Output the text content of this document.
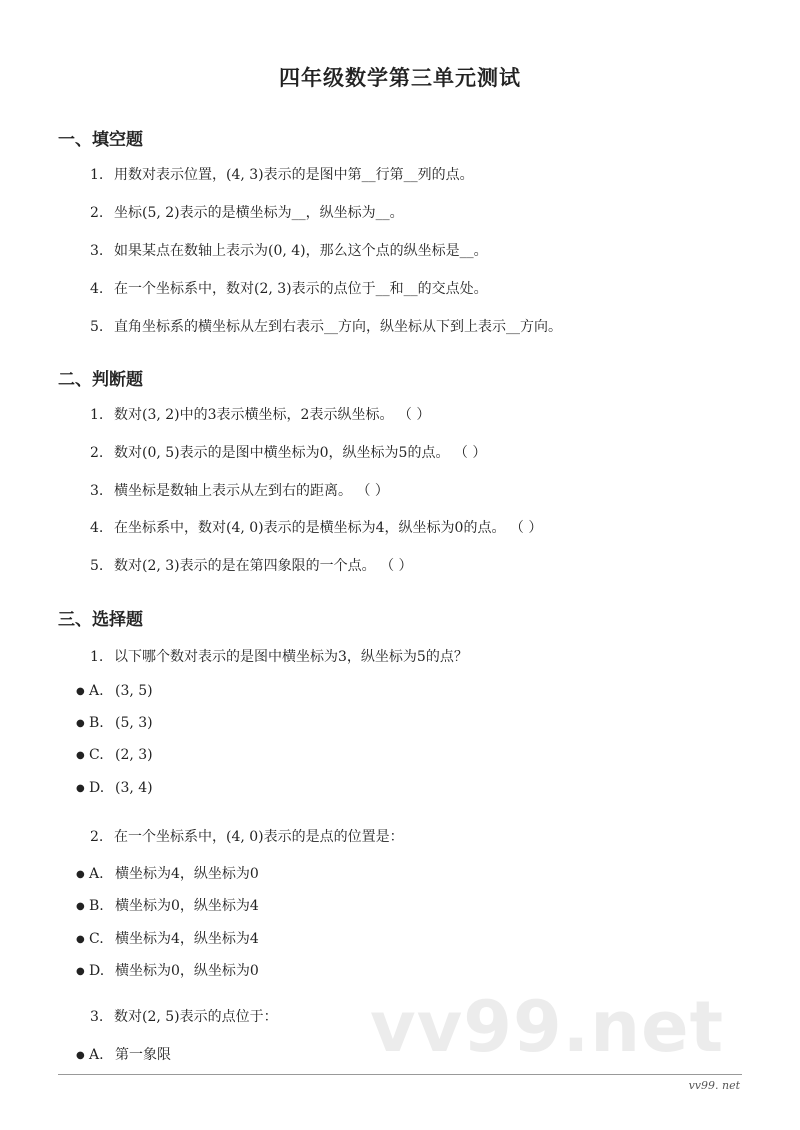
四年级数学第三单元测试
一、填空题
1. 用数对表示位置，(4, 3)表示的是图中第__行第__列的点。
2. 坐标(5, 2)表示的是横坐标为__，纵坐标为__。
3. 如果某点在数轴上表示为(0, 4)，那么这个点的纵坐标是__。
4. 在一个坐标系中，数对(2, 3)表示的点位于__和__的交点处。
5. 直角坐标系的横坐标从左到右表示__方向，纵坐标从下到上表示__方向。
二、判断题
1. 数对(3, 2)中的3表示横坐标，2表示纵坐标。 （ ）
2. 数对(0, 5)表示的是图中横坐标为0，纵坐标为5的点。 （ ）
3. 横坐标是数轴上表示从左到右的距离。 （ ）
4. 在坐标系中，数对(4, 0)表示的是横坐标为4，纵坐标为0的点。 （ ）
5. 数对(2, 3)表示的是在第四象限的一个点。 （ ）
三、选择题
1. 以下哪个数对表示的是图中横坐标为3，纵坐标为5的点？
● A. (3, 5)
● B. (5, 3)
● C. (2, 3)
● D. (3, 4)
2. 在一个坐标系中，(4, 0)表示的是点的位置是：
● A. 横坐标为4，纵坐标为0
● B. 横坐标为0，纵坐标为4
● C. 横坐标为4，纵坐标为4
● D. 横坐标为0，纵坐标为0
vv99.net
3. 数对(2, 5)表示的点位于：
● A. 第一象限
vv99. net
